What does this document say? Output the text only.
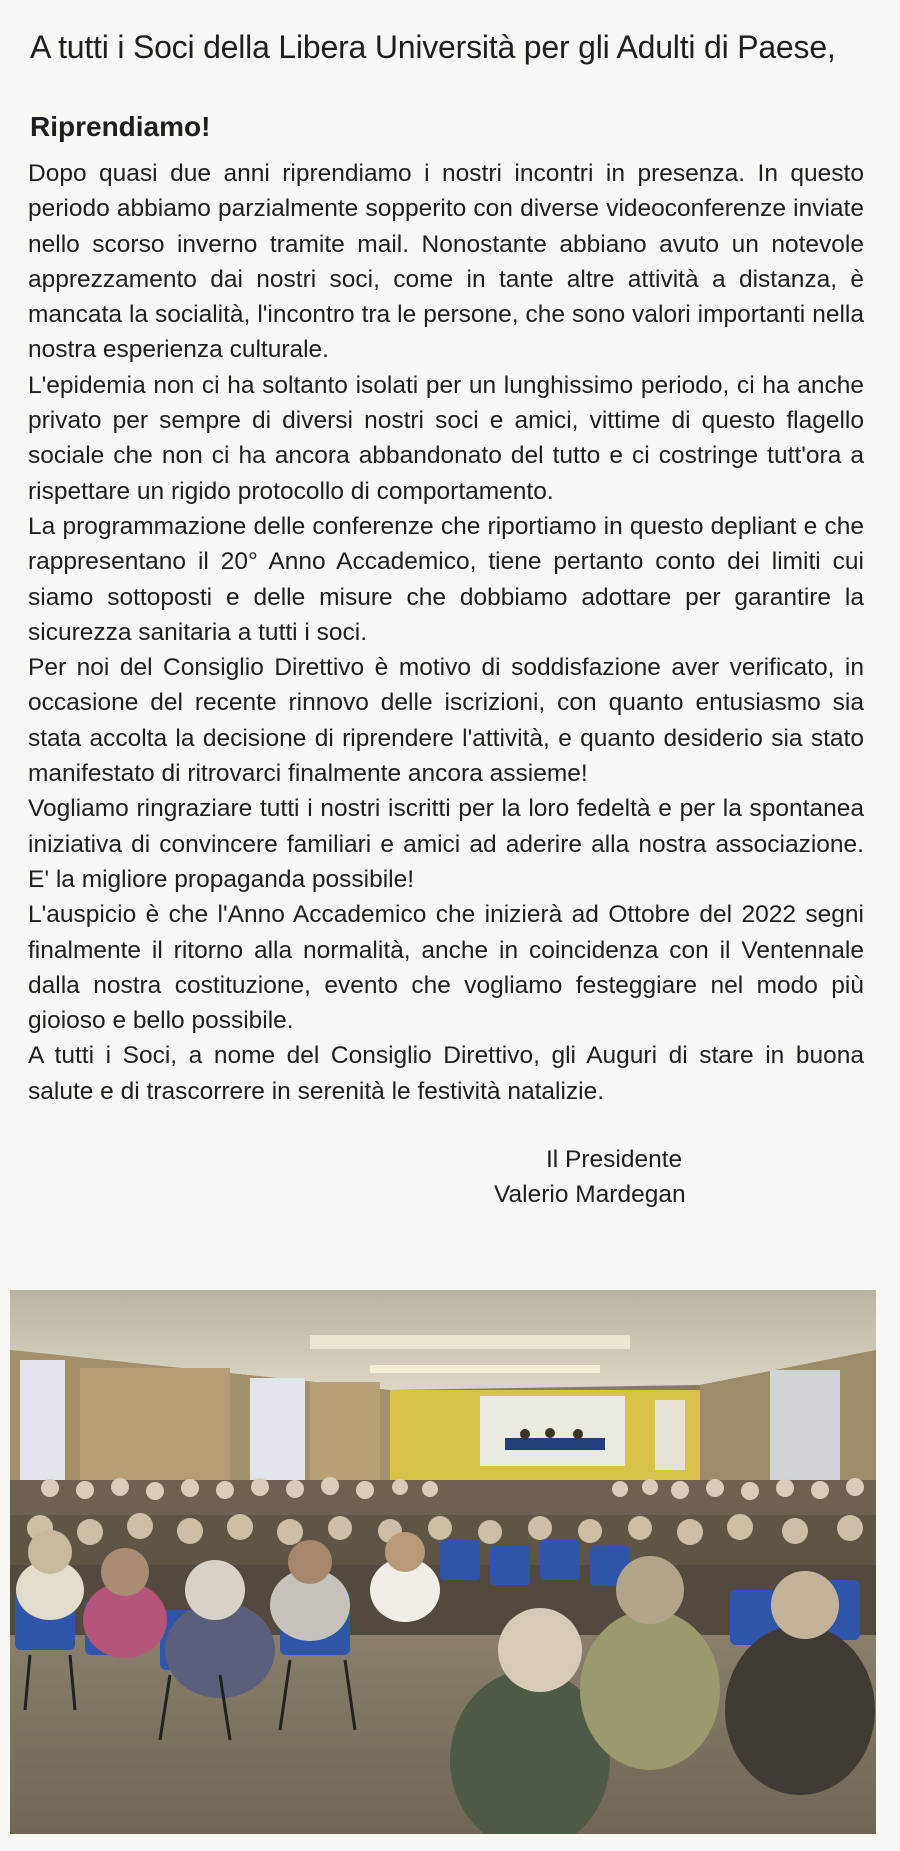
A tutti i Soci della Libera Università per gli Adulti di Paese,
Riprendiamo!

Dopo quasi due anni riprendiamo i nostri incontri in presenza. In questo periodo abbiamo parzialmente sopperito con diverse videoconferenze inviate nello scorso inverno tramite mail. Nonostante abbiano avuto un notevole apprezzamento dai nostri soci, come in tante altre attività a distanza, è mancata la socialità, l'incontro tra le persone, che sono valori importanti nella nostra esperienza culturale.

L'epidemia non ci ha soltanto isolati per un lunghissimo periodo, ci ha anche privato per sempre di diversi nostri soci e amici, vittime di questo flagello sociale che non ci ha ancora abbandonato del tutto e ci costringe tutt'ora a rispettare un rigido protocollo di comportamento.

La programmazione delle conferenze che riportiamo in questo depliant e che rappresentano il 20° Anno Accademico, tiene pertanto conto dei limiti cui siamo sottoposti e delle misure che dobbiamo adottare per garantire la sicurezza sanitaria a tutti i soci.

Per noi del Consiglio Direttivo è motivo di soddisfazione aver verificato, in occasione del recente rinnovo delle iscrizioni, con quanto entusiasmo sia stata accolta la decisione di riprendere l'attività, e quanto desiderio sia stato manifestato di ritrovarci finalmente ancora assieme!

Vogliamo ringraziare tutti i nostri iscritti per la loro fedeltà e per la spontanea iniziativa di convincere familiari e amici ad aderire alla nostra associazione. E' la migliore propaganda possibile!

L'auspicio è che l'Anno Accademico che inizierà ad Ottobre del 2022 segni finalmente il ritorno alla normalità, anche in coincidenza con il Ventennale dalla nostra costituzione, evento che vogliamo festeggiare nel modo più gioioso e bello possibile.

A tutti i Soci, a nome del Consiglio Direttivo, gli Auguri di stare in buona salute e di trascorrere in serenità le festività natalizie.

Il Presidente
Valerio Mardegan
